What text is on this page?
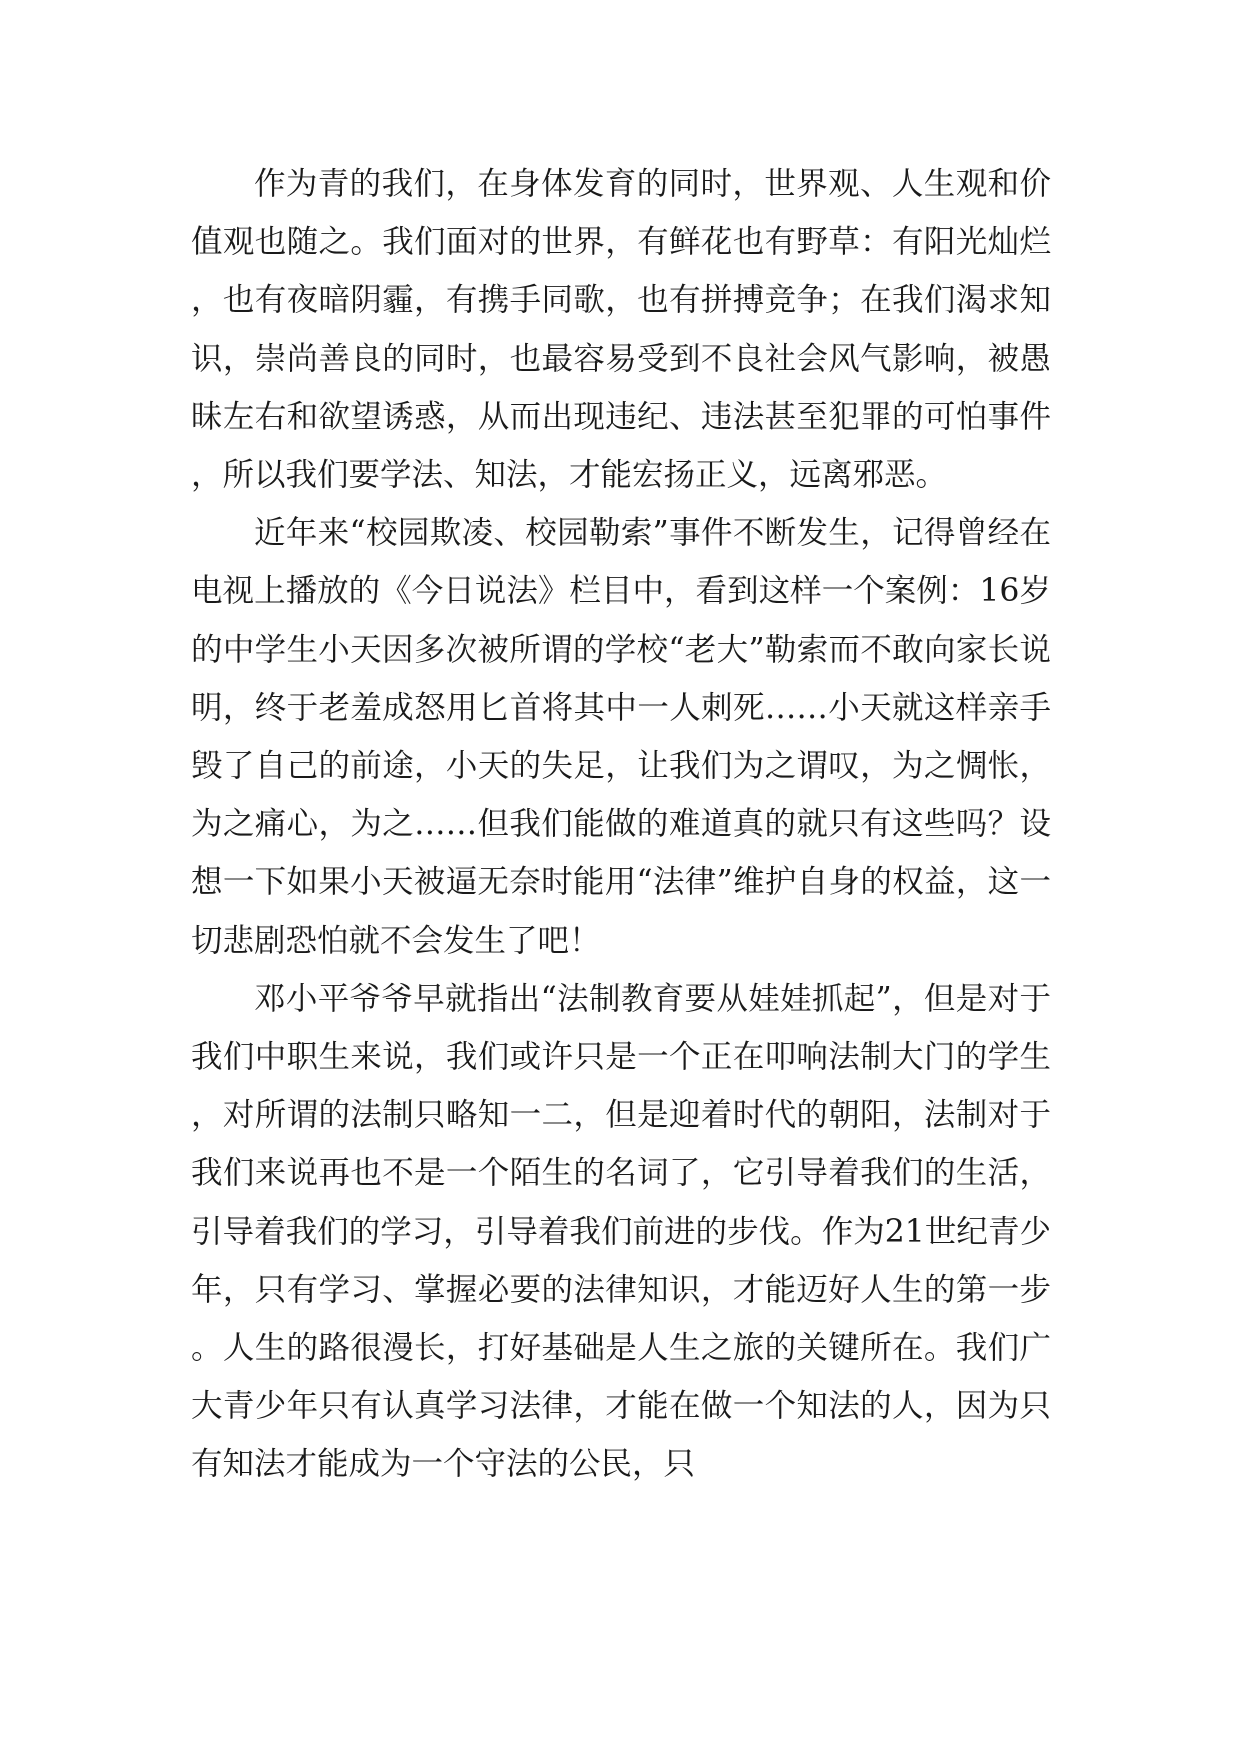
作为青的我们，在身体发育的同时，世界观、人生观和价值观也随之。我们面对的世界，有鲜花也有野草：有阳光灿烂，也有夜暗阴霾，有携手同歌，也有拼搏竞争；在我们渴求知识，崇尚善良的同时，也最容易受到不良社会风气影响，被愚昧左右和欲望诱惑，从而出现违纪、违法甚至犯罪的可怕事件，所以我们要学法、知法，才能宏扬正义，远离邪恶。

近年来“校园欺凌、校园勒索”事件不断发生，记得曾经在电视上播放的《今日说法》栏目中，看到这样一个案例：16岁的中学生小天因多次被所谓的学校“老大”勒索而不敢向家长说明，终于老羞成怒用匕首将其中一人刺死……小天就这样亲手毁了自己的前途，小天的失足，让我们为之谓叹，为之惆怅，为之痛心，为之……但我们能做的难道真的就只有这些吗？设想一下如果小天被逼无奈时能用“法律”维护自身的权益，这一切悲剧恐怕就不会发生了吧！

邓小平爷爷早就指出“法制教育要从娃娃抓起”，但是对于我们中职生来说，我们或许只是一个正在叩响法制大门的学生，对所谓的法制只略知一二，但是迎着时代的朝阳，法制对于我们来说再也不是一个陌生的名词了，它引导着我们的生活，引导着我们的学习，引导着我们前进的步伐。作为21世纪青少年，只有学习、掌握必要的法律知识，才能迈好人生的第一步。人生的路很漫长，打好基础是人生之旅的关键所在。我们广大青少年只有认真学习法律，才能在做一个知法的人，因为只有知法才能成为一个守法的公民，只
